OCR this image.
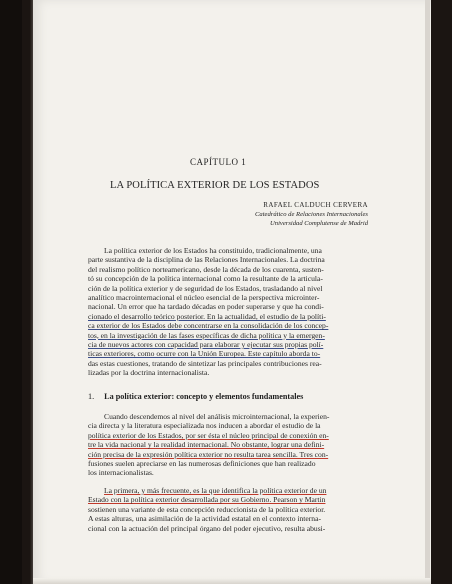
CAPÍTULO 1
LA POLÍTICA EXTERIOR DE LOS ESTADOS
RAFAEL CALDUCH CERVERA
Catedrático de Relaciones Internacionales
Universidad Complutense de Madrid
La política exterior de los Estados ha constituido, tradicionalmente, una
parte sustantiva de la disciplina de las Relaciones Internacionales. La doctrina
del realismo político norteamericano, desde la década de los cuarenta, susten-
tó su concepción de la política internacional como la resultante de la articula-
ción de la política exterior y de seguridad de los Estados, trasladando al nivel
analítico macrointernacional el núcleo esencial de la perspectiva microinter-
nacional. Un error que ha tardado décadas en poder superarse y que ha condi-
cionado el desarrollo teórico posterior. En la actualidad, el estudio de la políti-
ca exterior de los Estados debe concentrarse en la consolidación de los concep-
tos, en la investigación de las fases específicas de dicha política y la emergen-
cia de nuevos actores con capacidad para elaborar y ejecutar sus propias polí-
ticas exteriores, como ocurre con la Unión Europea. Este capítulo aborda to-
das estas cuestiones, tratando de sintetizar las principales contribuciones rea-
lizadas por la doctrina internacionalista.
1. La política exterior: concepto y elementos fundamentales
Cuando descendemos al nivel del análisis microinternacional, la experien-
cia directa y la literatura especializada nos inducen a abordar el estudio de la
política exterior de los Estados, por ser ésta el núcleo principal de conexión en-
tre la vida nacional y la realidad internacional. No obstante, lograr una defini-
ción precisa de la expresión política exterior no resulta tarea sencilla. Tres con-
fusiones suelen apreciarse en las numerosas definiciones que han realizado
los internacionalistas.
La primera, y más frecuente, es la que identifica la política exterior de un
Estado con la política exterior desarrollada por su Gobierno. Pearson y Martin
sostienen una variante de esta concepción reduccionista de la política exterior.
A estas alturas, una asimilación de la actividad estatal en el contexto interna-
cional con la actuación del principal órgano del poder ejecutivo, resulta abusi-
